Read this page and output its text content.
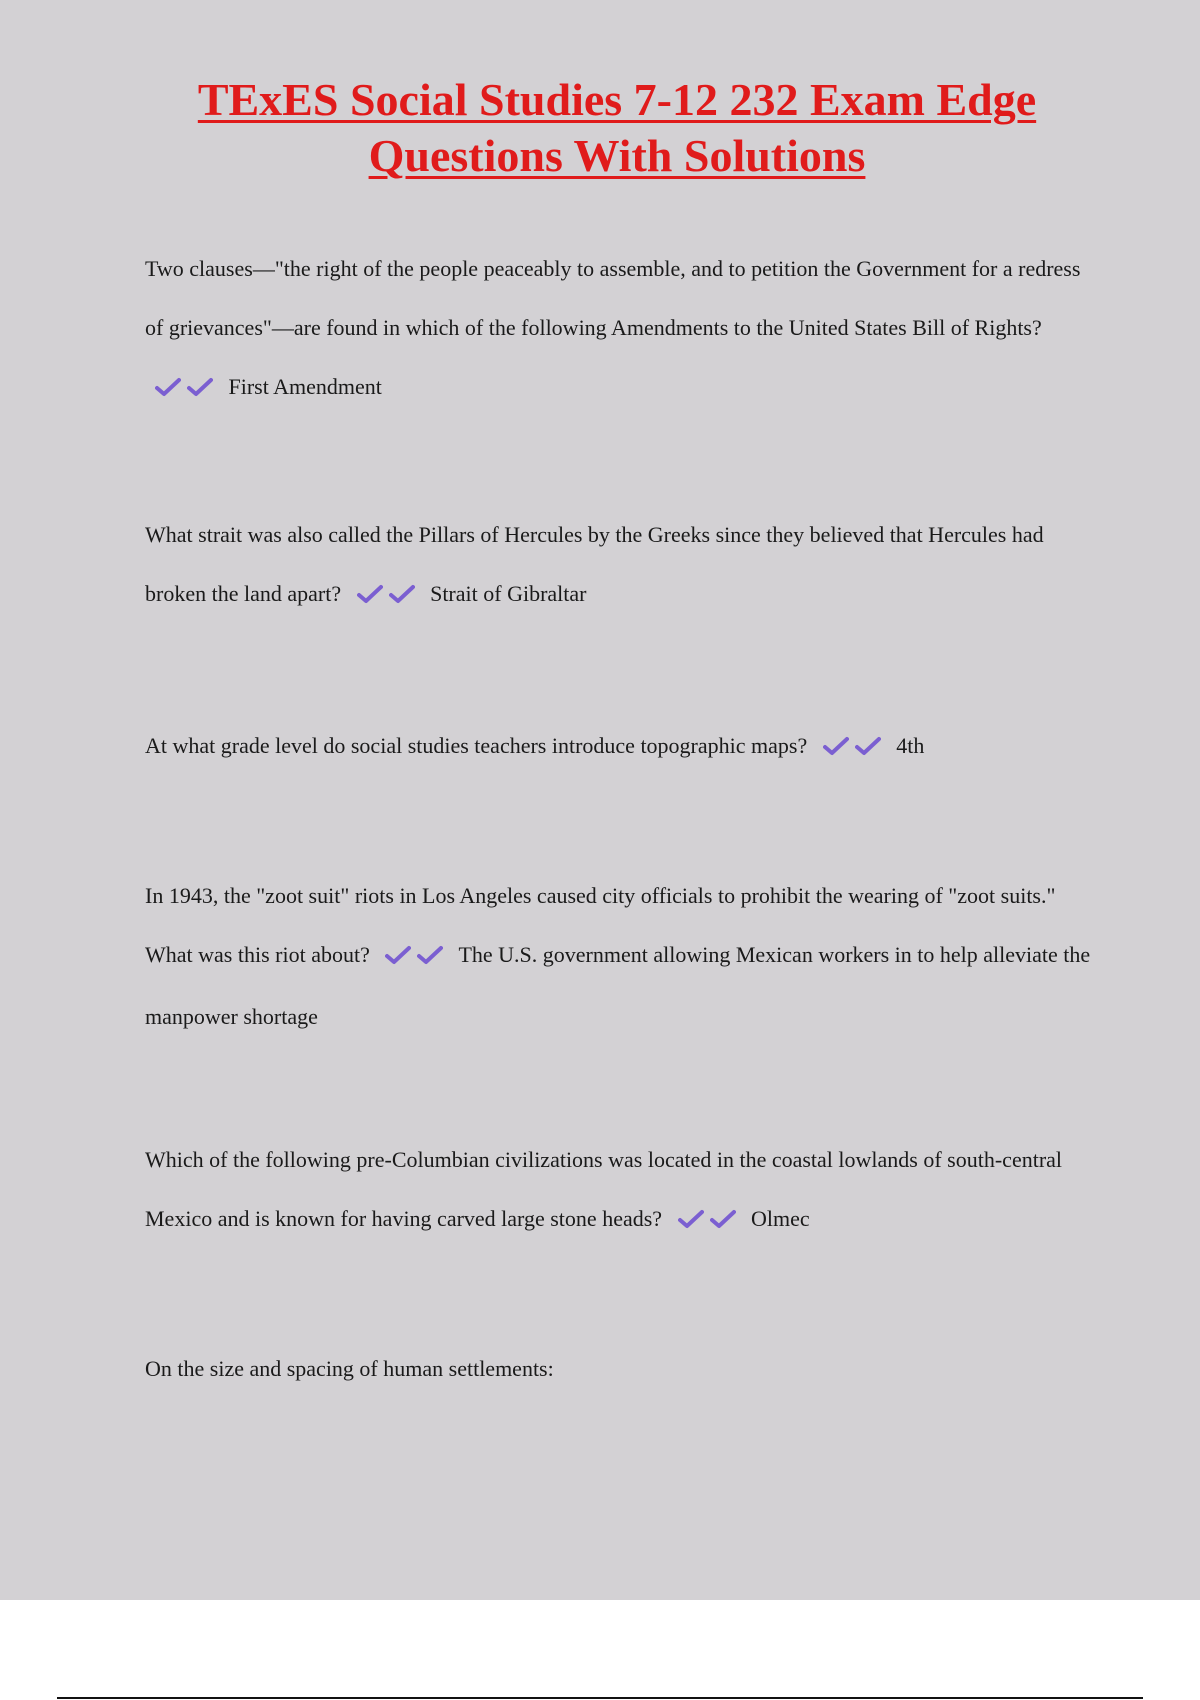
TExES Social Studies 7-12 232 Exam Edge Questions With Solutions
Two clauses—"the right of the people peaceably to assemble, and to petition the Government for a redress of grievances"—are found in which of the following Amendments to the United States Bill of Rights?  First Amendment
What strait was also called the Pillars of Hercules by the Greeks since they believed that Hercules had broken the land apart?	Strait of Gibraltar
At what grade level do social studies teachers introduce topographic maps?	4th
In 1943, the "zoot suit" riots in Los Angeles caused city officials to prohibit the wearing of "zoot suits." What was this riot about?	The U.S. government allowing Mexican workers in to help alleviate the manpower shortage
Which of the following pre-Columbian civilizations was located in the coastal lowlands of south-central Mexico and is known for having carved large stone heads?	Olmec
On the size and spacing of human settlements:
